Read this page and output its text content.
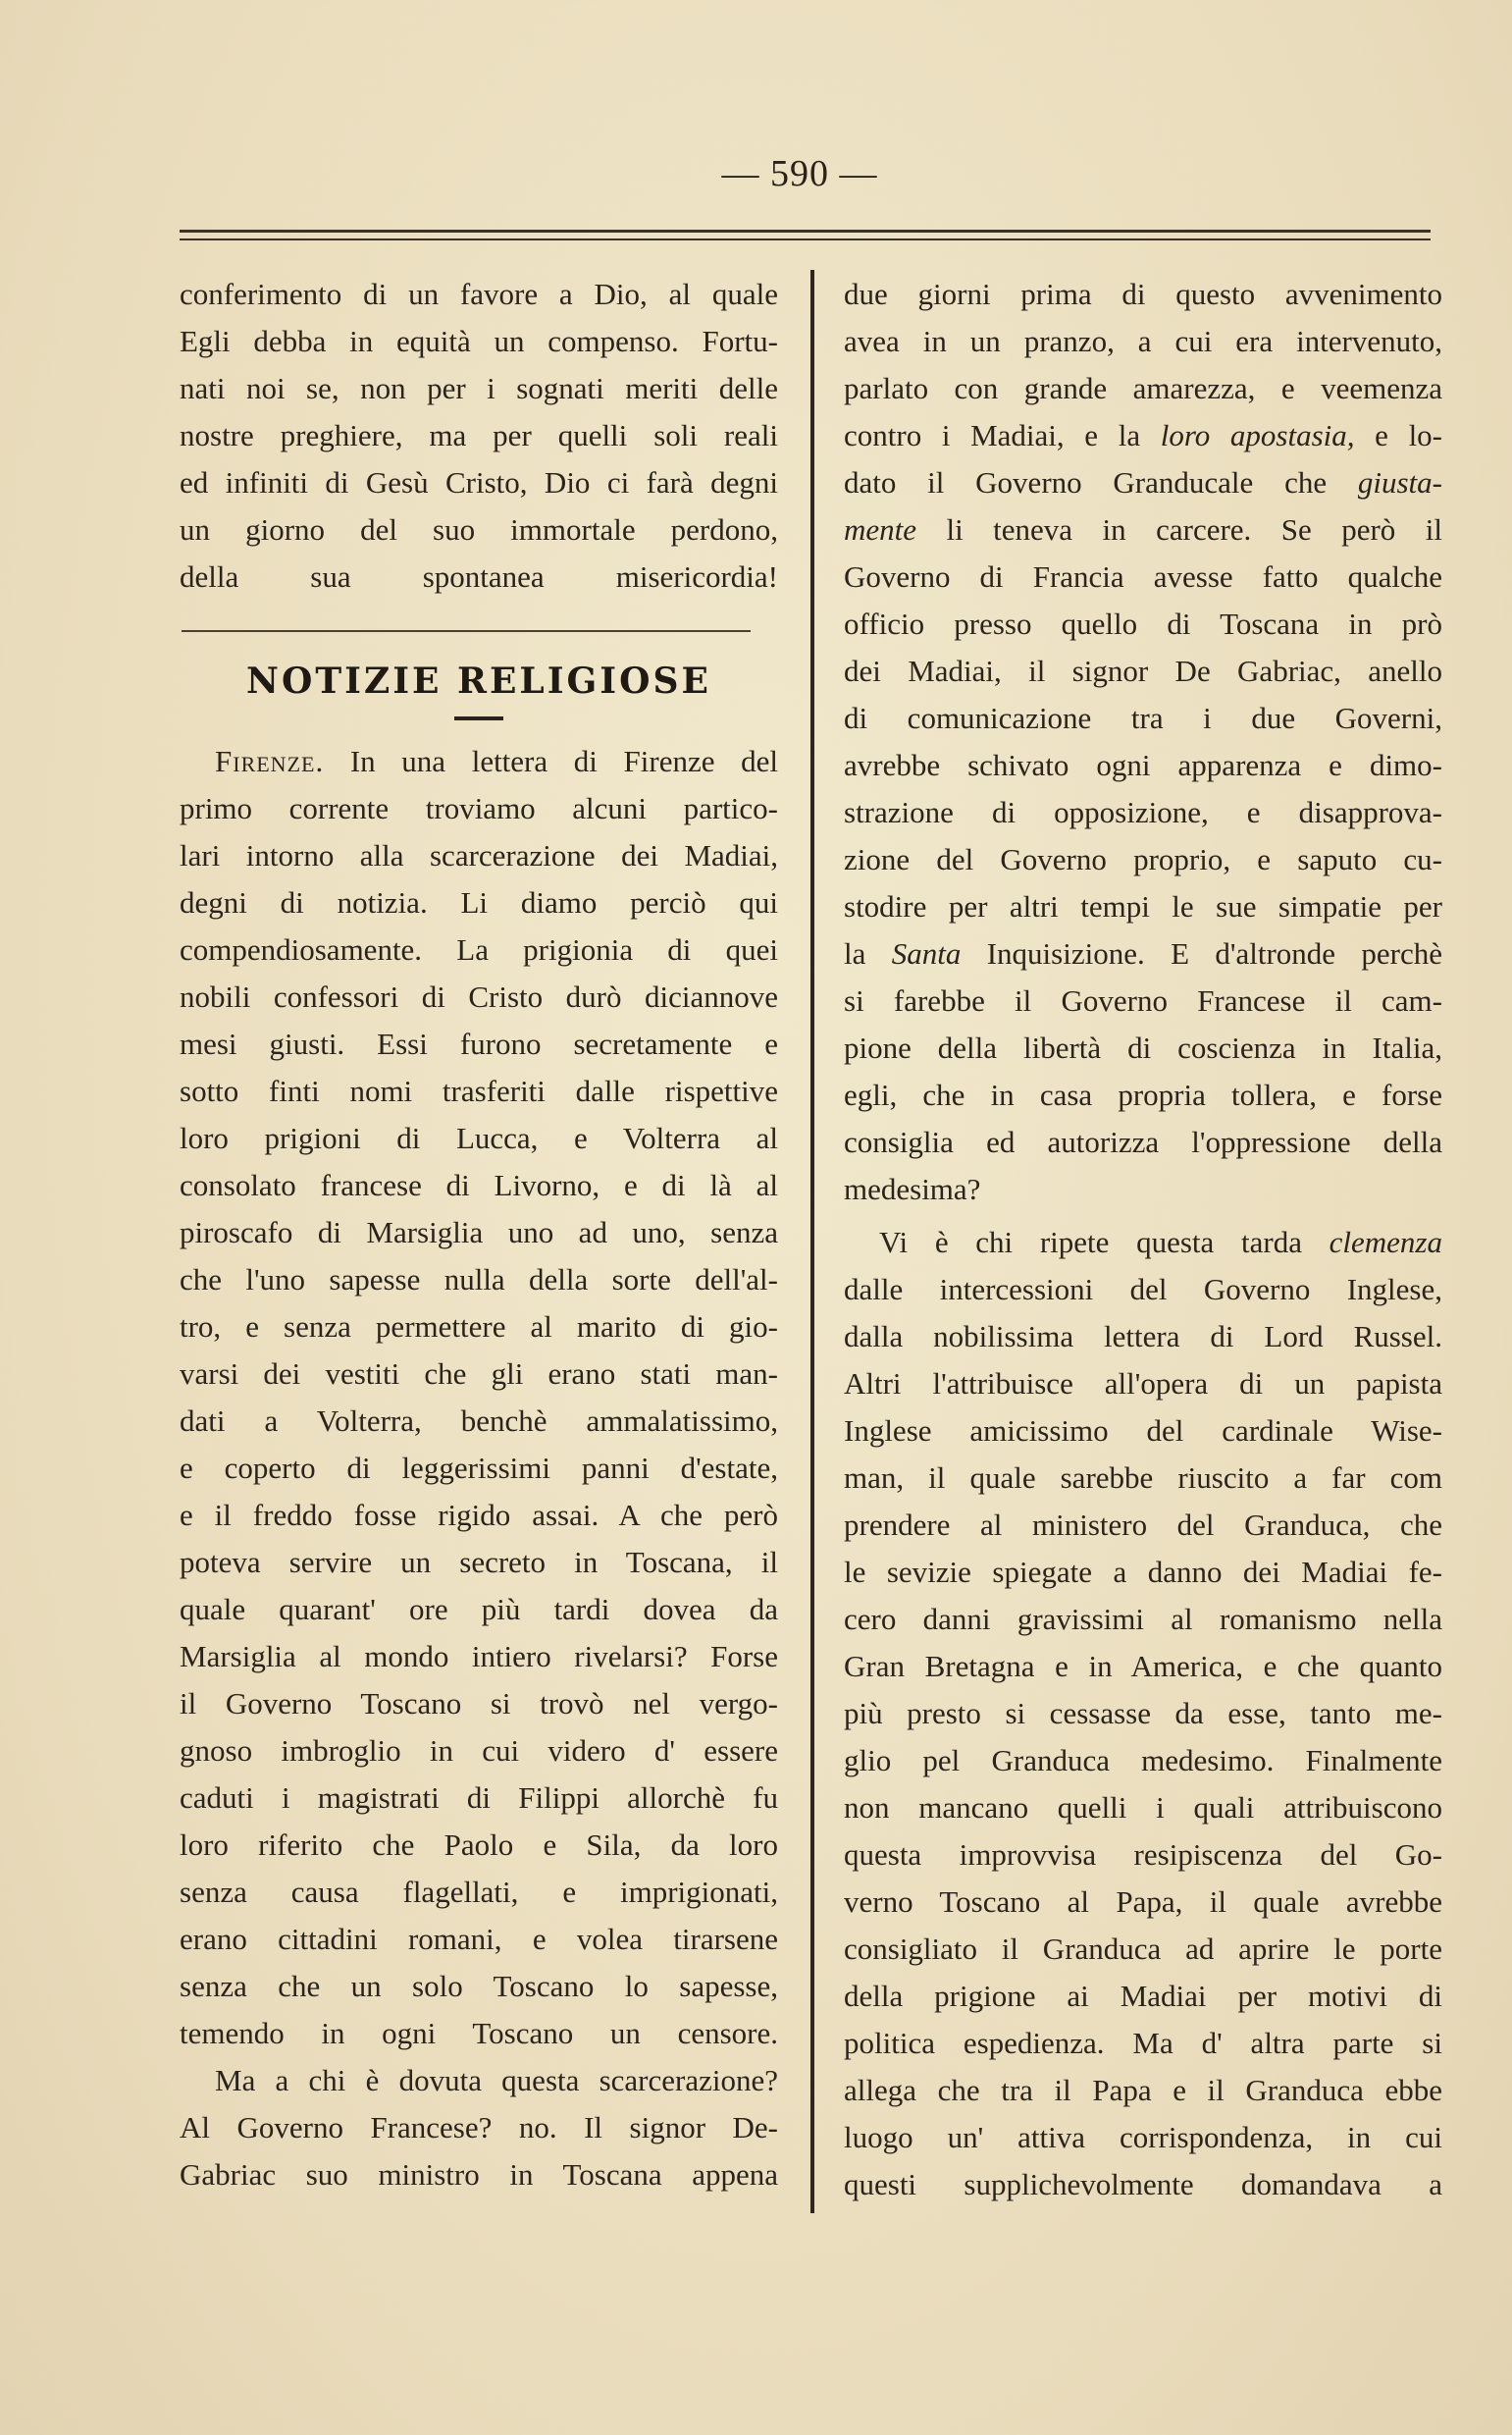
— 590 —
conferimento di un favore a Dio, al quale
Egli debba in equità un compenso. Fortu-
nati noi se, non per i sognati meriti delle
nostre preghiere, ma per quelli soli reali
ed infiniti di Gesù Cristo, Dio ci farà degni
un giorno del suo immortale perdono,
della sua spontanea misericordia!
NOTIZIE RELIGIOSE
Firenze. In una lettera di Firenze del
primo corrente troviamo alcuni partico-
lari intorno alla scarcerazione dei Madiai,
degni di notizia. Li diamo perciò qui
compendiosamente. La prigionia di quei
nobili confessori di Cristo durò diciannove
mesi giusti. Essi furono secretamente e
sotto finti nomi trasferiti dalle rispettive
loro prigioni di Lucca, e Volterra al
consolato francese di Livorno, e di là al
piroscafo di Marsiglia uno ad uno, senza
che l'uno sapesse nulla della sorte dell'al-
tro, e senza permettere al marito di gio-
varsi dei vestiti che gli erano stati man-
dati a Volterra, benchè ammalatissimo,
e coperto di leggerissimi panni d'estate,
e il freddo fosse rigido assai. A che però
poteva servire un secreto in Toscana, il
quale quarant' ore più tardi dovea da
Marsiglia al mondo intiero rivelarsi? Forse
il Governo Toscano si trovò nel vergo-
gnoso imbroglio in cui videro d' essere
caduti i magistrati di Filippi allorchè fu
loro riferito che Paolo e Sila, da loro
senza causa flagellati, e imprigionati,
erano cittadini romani, e volea tirarsene
senza che un solo Toscano lo sapesse,
temendo in ogni Toscano un censore.
Ma a chi è dovuta questa scarcerazione?
Al Governo Francese? no. Il signor De-
Gabriac suo ministro in Toscana appena
due giorni prima di questo avvenimento
avea in un pranzo, a cui era intervenuto,
parlato con grande amarezza, e veemenza
contro i Madiai, e la loro apostasia, e lo-
dato il Governo Granducale che giusta-
mente li teneva in carcere. Se però il
Governo di Francia avesse fatto qualche
officio presso quello di Toscana in prò
dei Madiai, il signor De Gabriac, anello
di comunicazione tra i due Governi,
avrebbe schivato ogni apparenza e dimo-
strazione di opposizione, e disapprova-
zione del Governo proprio, e saputo cu-
stodire per altri tempi le sue simpatie per
la Santa Inquisizione. E d'altronde perchè
si farebbe il Governo Francese il cam-
pione della libertà di coscienza in Italia,
egli, che in casa propria tollera, e forse
consiglia ed autorizza l'oppressione della
medesima?
Vi è chi ripete questa tarda clemenza
dalle intercessioni del Governo Inglese,
dalla nobilissima lettera di Lord Russel.
Altri l'attribuisce all'opera di un papista
Inglese amicissimo del cardinale Wise-
man, il quale sarebbe riuscito a far com
prendere al ministero del Granduca, che
le sevizie spiegate a danno dei Madiai fe-
cero danni gravissimi al romanismo nella
Gran Bretagna e in America, e che quanto
più presto si cessasse da esse, tanto me-
glio pel Granduca medesimo. Finalmente
non mancano quelli i quali attribuiscono
questa improvvisa resipiscenza del Go-
verno Toscano al Papa, il quale avrebbe
consigliato il Granduca ad aprire le porte
della prigione ai Madiai per motivi di
politica espedienza. Ma d' altra parte si
allega che tra il Papa e il Granduca ebbe
luogo un' attiva corrispondenza, in cui
questi supplichevolmente domandava a
